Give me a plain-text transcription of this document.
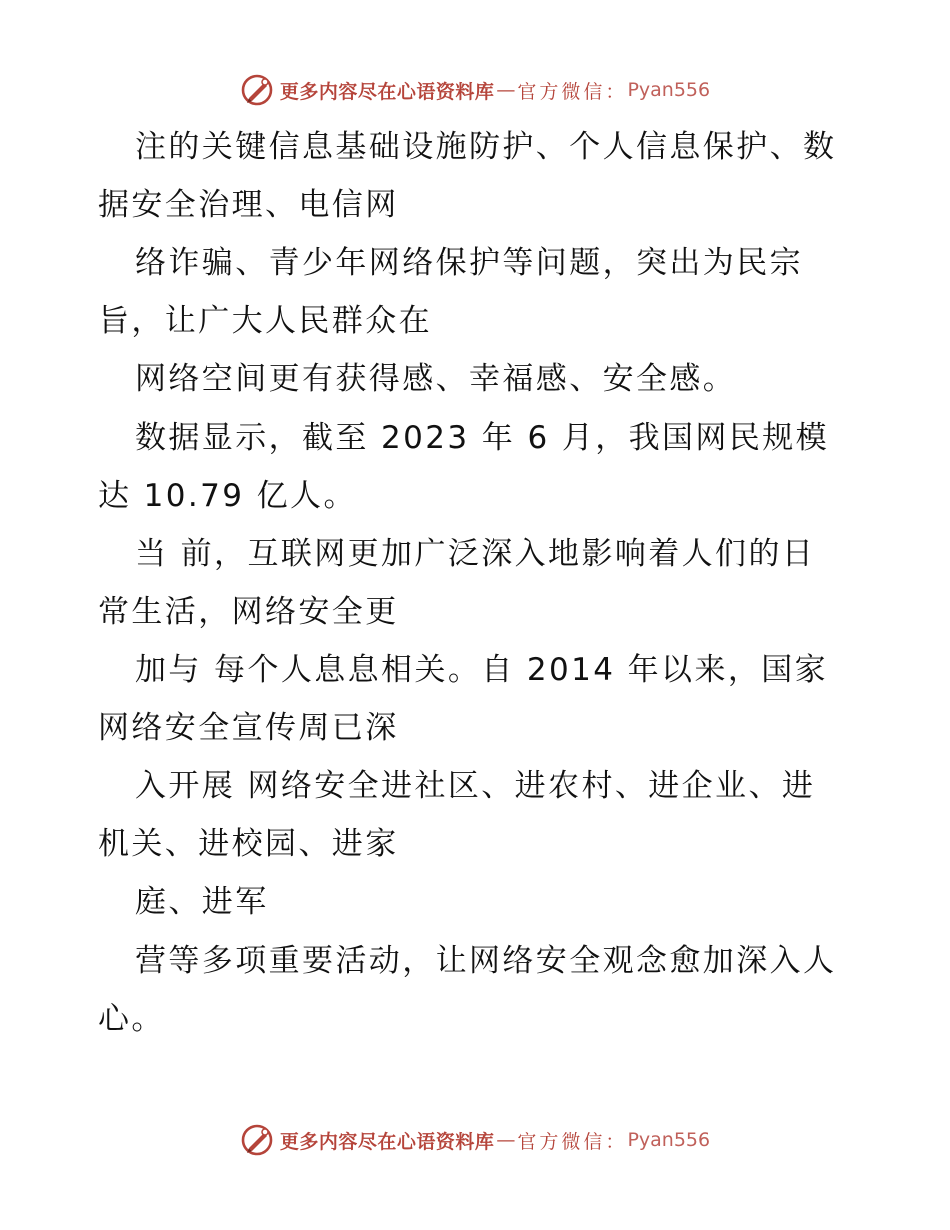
更多内容尽在心语资料库 — 官方微信： Pyan556
注的关键信息基础设施防护、个人信息保护、数
据安全治理、电信网
络诈骗、青少年网络保护等问题，突出为民宗
旨，让广大人民群众在
网络空间更有获得感、幸福感、安全感。
数据显示，截至 2023 年 6 月，我国网民规模
达 10.79 亿人。
当 前，互联网更加广泛深入地影响着人们的日
常生活，网络安全更
加与 每个人息息相关。自 2014 年以来，国家
网络安全宣传周已深
入开展 网络安全进社区、进农村、进企业、进
机关、进校园、进家
庭、进军
营等多项重要活动，让网络安全观念愈加深入人
心。
更多内容尽在心语资料库 — 官方微信： Pyan556
